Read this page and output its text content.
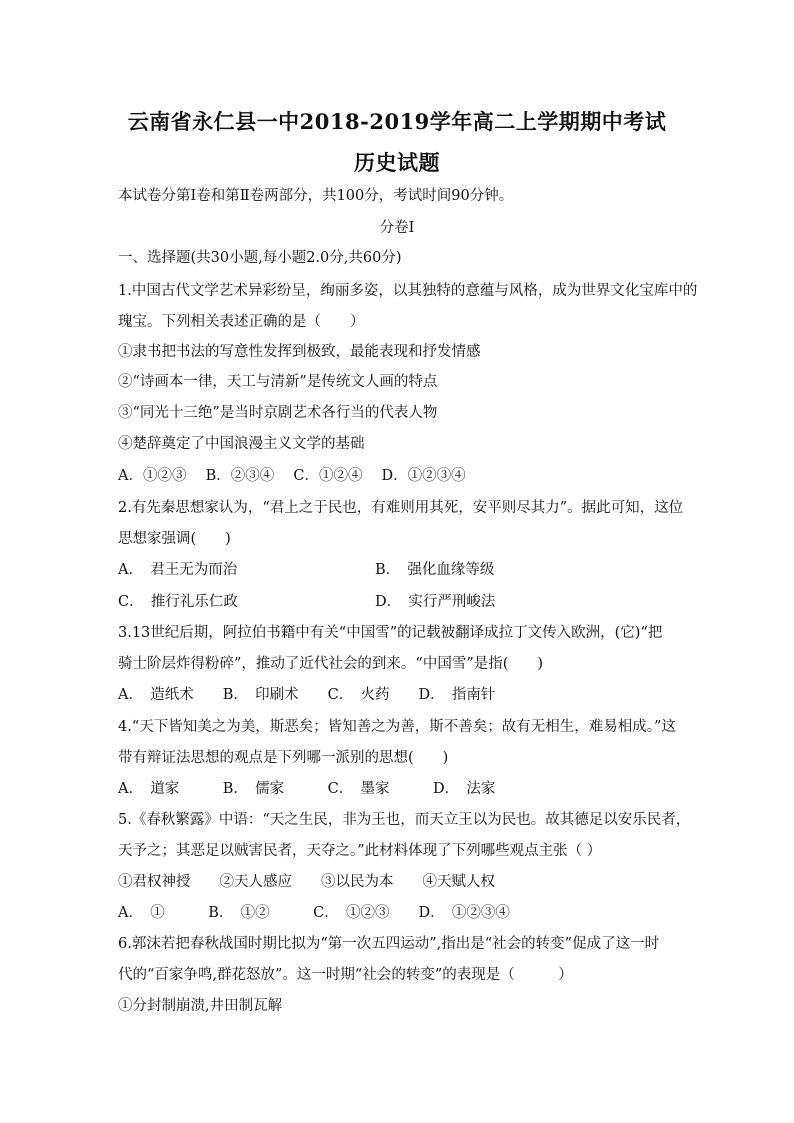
云南省永仁县一中2018-2019学年高二上学期期中考试
历史试题
本试卷分第Ⅰ卷和第Ⅱ卷两部分，共100分，考试时间90分钟。
分卷I
一、选择题(共30小题,每小题2.0分,共60分)
1.中国古代文学艺术异彩纷呈，绚丽多姿，以其独特的意蕴与风格，成为世界文化宝库中的
瑰宝。下列相关表述正确的是（　　）
①隶书把书法的写意性发挥到极致，最能表现和抒发情感
②“诗画本一律，天工与清新”是传统文人画的特点
③“同光十三绝”是当时京剧艺术各行当的代表人物
④楚辞奠定了中国浪漫主义文学的基础
A．①②③　 B．②③④　 C．①②④　 D．①②③④
2.有先秦思想家认为，“君上之于民也，有难则用其死，安平则尽其力”。据此可知，这位
思想家强调(　　)
A．　君王无为而治	B．　强化血缘等级
C．　推行礼乐仁政	D．　实行严刑峻法
3.13世纪后期，阿拉伯书籍中有关“中国雪”的记载被翻译成拉丁文传入欧洲，(它)“把
骑士阶层炸得粉碎”，推动了近代社会的到来。“中国雪”是指(　　)
A．　造纸术　　B．　印刷术　　C．　火药　　D．　指南针
4.“天下皆知美之为美，斯恶矣；皆知善之为善，斯不善矣；故有无相生，难易相成。”这
带有辩证法思想的观点是下列哪一派别的思想(　　)
A．　道家　　　B．　儒家　　　C．　墨家　　　D．　法家
5.《春秋繁露》中语：“天之生民，非为王也，而天立王以为民也。故其德足以安乐民者，
天予之；其恶足以贼害民者，天夺之。”此材料体现了下列哪些观点主张（ ）
①君权神授　　②天人感应　　③以民为本　　④天赋人权
A．　①　　　B．　①②　　　C．　①②③　　D．　①②③④
6.郭沫若把春秋战国时期比拟为“第一次五四运动”,指出是“社会的转变”促成了这一时
代的“百家争鸣,群花怒放”。这一时期“社会的转变”的表现是（　　　）
①分封制崩溃,井田制瓦解
